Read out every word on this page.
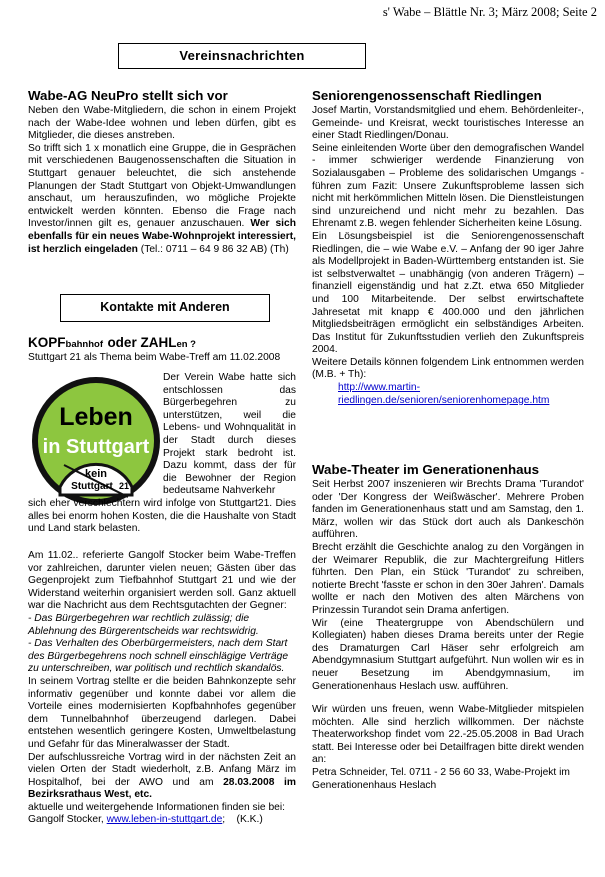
s' Wabe – Blättle Nr. 3; März 2008; Seite 2
Vereinsnachrichten
Wabe-AG NeuPro stellt sich vor
Neben den Wabe-Mitgliedern, die schon in einem Projekt nach der Wabe-Idee wohnen und leben dürfen, gibt es Mitglieder, die dieses anstreben.
So trifft sich 1 x monatlich eine Gruppe, die in Gesprächen mit verschiedenen Baugenossenschaften die Situation in Stuttgart genauer beleuchtet, die sich anstehende Planungen der Stadt Stuttgart von Objekt-Umwandlungen anschaut, um herauszufinden, wo mögliche Projekte entwickelt werden könnten. Ebenso die Frage nach Investor/innen gilt es, genauer anzuschauen. Wer sich ebenfalls für ein neues Wabe-Wohnprojekt interessiert, ist herzlich eingeladen (Tel.: 0711 – 64 9 86 32 AB) (Th)
Kontakte mit Anderen
KOPFbahnhof oder ZAHLen ?
Stuttgart 21 als Thema beim Wabe-Treff am 11.02.2008
Leben
in Stuttgart
kein
Stuttgart 21
Der Verein Wabe hatte sich entschlossen das Bürgerbegehren zu unterstützen, weil die Lebens- und Wohnqualität in der Stadt durch dieses Projekt stark bedroht ist. Dazu kommt, dass der für die Bewohner der Region bedeutsame Nahverkehr
sich eher verschlechtern wird infolge von Stuttgart21. Dies alles bei enorm hohen Kosten, die die Haushalte von Stadt und Land stark belasten.
Am 11.02.. referierte Gangolf Stocker beim Wabe-Treffen vor zahlreichen, darunter vielen neuen; Gästen über das Gegenprojekt zum Tiefbahnhof Stuttgart 21 und wie der Widerstand weiterhin organisiert werden soll. Ganz aktuell war die Nachricht aus dem Rechtsgutachten der Gegner:
- Das Bürgerbegehren war rechtlich zulässig; die Ablehnung des Bürgerentscheids war rechtswidrig.
- Das Verhalten des Oberbürgermeisters, nach dem Start des Bürgerbegehrens noch schnell einschlägige Verträge zu unterschreiben, war politisch und rechtlich skandalös.
In seinem Vortrag stellte er die beiden Bahnkonzepte sehr informativ gegenüber und konnte dabei vor allem die Vorteile eines modernisierten Kopfbahnhofes gegenüber dem Tunnelbahnhof überzeugend darlegen. Dabei entstehen wesentlich geringere Kosten, Umweltbelastung und Gefahr für das Mineralwasser der Stadt.
Der aufschlussreiche Vortrag wird in der nächsten Zeit an vielen Orten der Stadt wiederholt, z.B. Anfang März im Hospitalhof, bei der AWO und am 28.03.2008 im Bezirksrathaus West, etc.
aktuelle und weitergehende Informationen finden sie bei:
Gangolf Stocker, www.leben-in-stuttgart.de;    (K.K.)
Seniorengenossenschaft Riedlingen
Josef Martin, Vorstandsmitglied und ehem. Behördenleiter-, Gemeinde- und Kreisrat, weckt touristisches Interesse an einer Stadt Riedlingen/Donau.
Seine einleitenden Worte über den demografischen Wandel - immer schwieriger werdende Finanzierung von Sozialausgaben – Probleme des solidarischen Umgangs - führen zum Fazit: Unsere Zukunftsprobleme lassen sich nicht mit herkömmlichen Mitteln lösen. Die Dienstleistungen sind unzureichend und nicht mehr zu bezahlen. Das Ehrenamt z.B. wegen fehlender Sicherheiten keine Lösung.
Ein Lösungsbeispiel ist die Seniorengenossenschaft Riedlingen, die – wie Wabe e.V. – Anfang der 90 iger Jahre als Modellprojekt in Baden-Württemberg entstanden ist. Sie ist selbstverwaltet – unabhängig (von anderen Trägern) – finanziell eigenständig und hat z.Zt. etwa 650 Mitglieder und 100 Mitarbeitende. Der selbst erwirtschaftete Jahresetat mit knapp € 400.000 und den jährlichen Mitgliedsbeiträgen ermöglicht ein selbständiges Arbeiten. Das Institut für Zukunftsstudien verlieh den Zukunftspreis 2004.
Weitere Details können folgendem Link entnommen werden (M.B. + Th):
http://www.martin-riedlingen.de/senioren/seniorenhomepage.htm
Wabe-Theater im Generationenhaus
Seit Herbst 2007 inszenieren wir Brechts Drama 'Turandot' oder 'Der Kongress der Weißwäscher'. Mehrere Proben fanden im Generationenhaus statt und am Samstag, den 1. März, wollen wir das Stück dort auch als Dankeschön aufführen.
Brecht erzählt die Geschichte analog zu den Vorgängen in der Weimarer Republik, die zur Machtergreifung Hitlers führten. Den Plan, ein Stück 'Turandot' zu schreiben, notierte Brecht 'fasste er schon in den 30er Jahren'. Damals wollte er nach den Motiven des alten Märchens von Prinzessin Turandot sein Drama anfertigen.
Wir (eine Theatergruppe von Abendschülern und Kollegiaten) haben dieses Drama bereits unter der Regie des Dramaturgen Carl Häser sehr erfolgreich am Abendgymnasium Stuttgart aufgeführt. Nun wollen wir es in neuer Besetzung im Abendgymnasium, im Generationenhaus Heslach usw. aufführen.
Wir würden uns freuen, wenn Wabe-Mitglieder mitspielen möchten. Alle sind herzlich willkommen. Der nächste Theaterworkshop findet vom 22.-25.05.2008 in Bad Urach statt. Bei Interesse oder bei Detailfragen bitte direkt wenden an:
Petra Schneider, Tel. 0711 - 2 56 60 33, Wabe-Projekt im Generationenhaus Heslach
